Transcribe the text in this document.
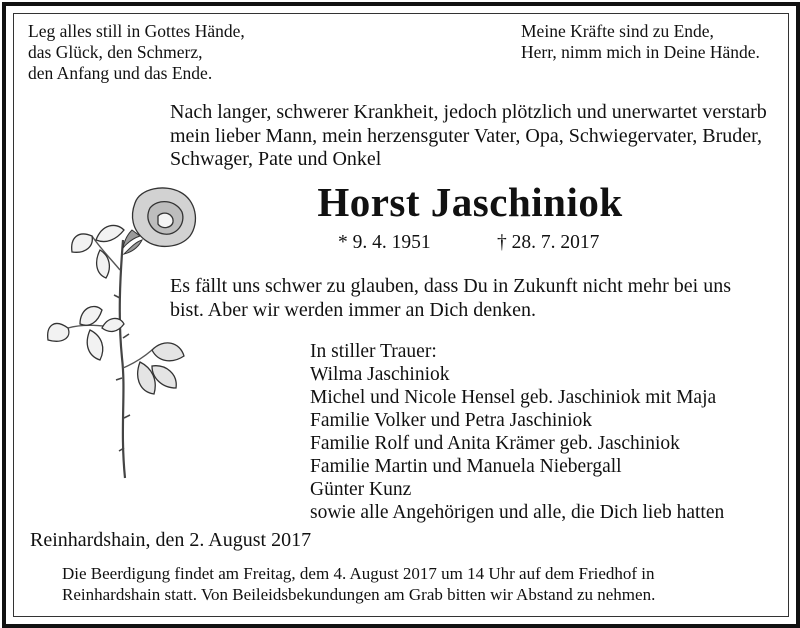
Leg alles still in Gottes Hände,
das Glück, den Schmerz,
den Anfang und das Ende.
Meine Kräfte sind zu Ende,
Herr, nimm mich in Deine Hände.
Nach langer, schwerer Krankheit, jedoch plötzlich und unerwartet verstarb
mein lieber Mann, mein herzensguter Vater, Opa, Schwiegervater, Bruder,
Schwager, Pate und Onkel
Horst Jaschiniok
* 9. 4. 1951	† 28. 7. 2017
Es fällt uns schwer zu glauben, dass Du in Zukunft nicht mehr bei uns
bist. Aber wir werden immer an Dich denken.
In stiller Trauer:
Wilma Jaschiniok
Michel und Nicole Hensel geb. Jaschiniok mit Maja
Familie Volker und Petra Jaschiniok
Familie Rolf und Anita Krämer geb. Jaschiniok
Familie Martin und Manuela Niebergall
Günter Kunz
sowie alle Angehörigen und alle, die Dich lieb hatten
Reinhardshain, den 2. August 2017
Die Beerdigung findet am Freitag, dem 4. August 2017 um 14 Uhr auf dem Friedhof in
Reinhardshain statt. Von Beileidsbekundungen am Grab bitten wir Abstand zu nehmen.
